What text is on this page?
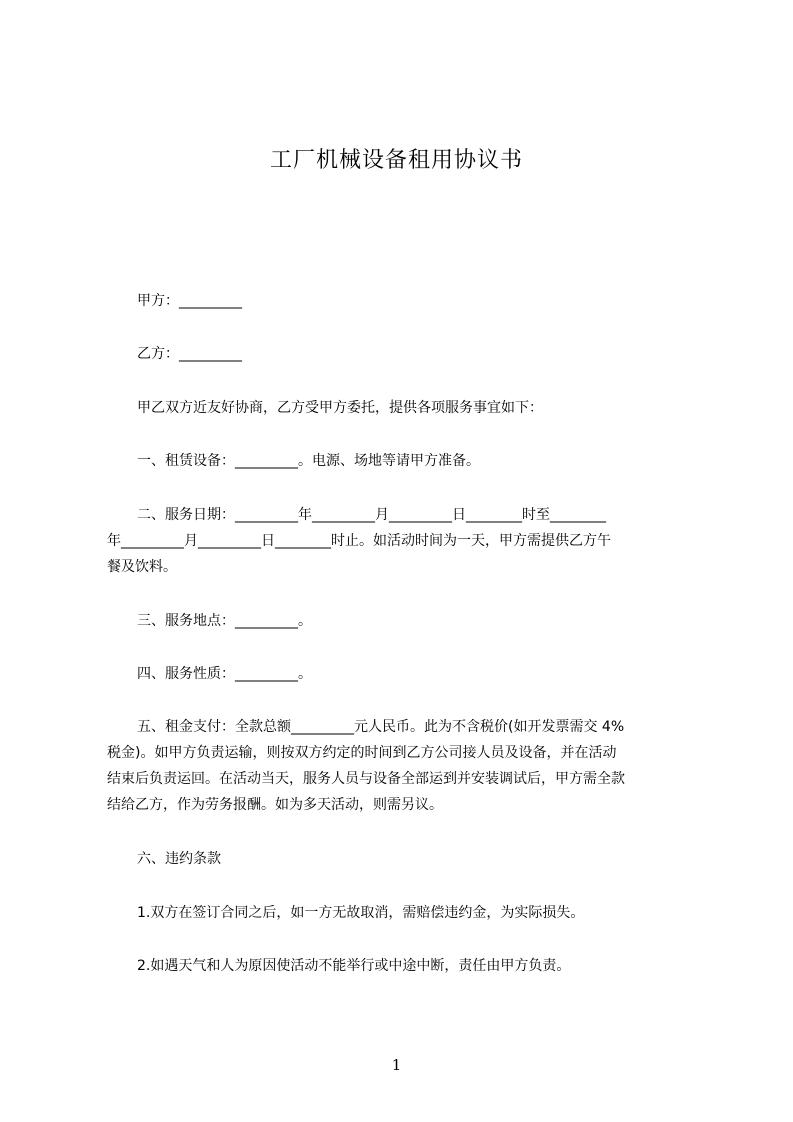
工厂机械设备租用协议书
甲方：_________
乙方：_________
甲乙双方近友好协商，乙方受甲方委托，提供各项服务事宜如下：
一、租赁设备：_________。电源、场地等请甲方准备。
二、服务日期：_________年_________月_________日________时至________
年_________月_________日________时止。如活动时间为一天，甲方需提供乙方午
餐及饮料。
三、服务地点：_________。
四、服务性质：_________。
五、租金支付：全款总额_________元人民币。此为不含税价(如开发票需交 4%
税金)。如甲方负责运输，则按双方约定的时间到乙方公司接人员及设备，并在活动
结束后负责运回。在活动当天，服务人员与设备全部运到并安装调试后，甲方需全款
结给乙方，作为劳务报酬。如为多天活动，则需另议。
六、违约条款
1.双方在签订合同之后，如一方无故取消，需赔偿违约金，为实际损失。
2.如遇天气和人为原因使活动不能举行或中途中断，责任由甲方负责。
1
